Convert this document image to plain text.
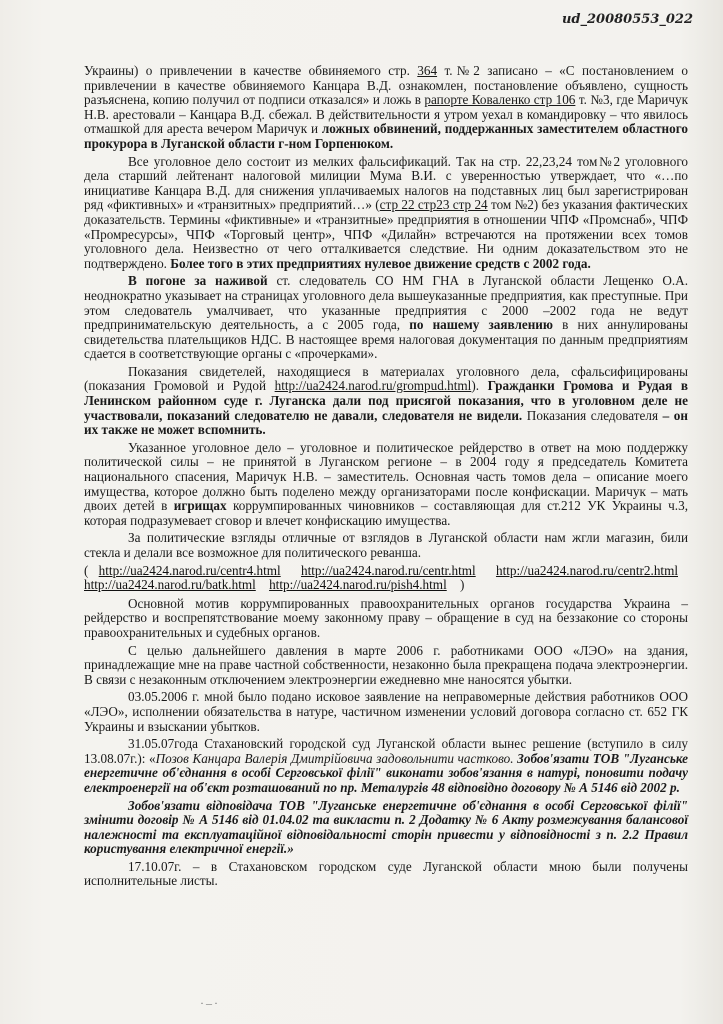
ud_20080553_022

Украины) о привлечении в качестве обвиняемого стр. 364 т.№2 записано – «С постановлением о привлечении в качестве обвиняемого Канцара В.Д. ознакомлен, постановление объявлено, сущность разъяснена, копию получил от подписи отказался» и ложь в рапорте Коваленко стр 106 т. №3, где Маричук Н.В. арестовали – Канцара В.Д. сбежал. В действительности я утром уехал в командировку – что явилось отмашкой для ареста вечером Маричук и ложных обвинений, поддержанных заместителем областного прокурора в Луганской области г-ном Горпенюком.

Все уголовное дело состоит из мелких фальсификаций. Так на стр. 22,23,24 том№2 уголовного дела старший лейтенант налоговой милиции Мума В.И. с уверенностью утверждает, что «…по инициативе Канцара В.Д. для снижения уплачиваемых налогов на подставных лиц был зарегистрирован ряд «фиктивных» и «транзитных» предприятий…» (стр 22 стр23 стр 24 том №2) без указания фактических доказательств. Термины «фиктивные» и «транзитные» предприятия в отношении ЧПФ «Промснаб», ЧПФ «Промресурсы», ЧПФ «Торговый центр», ЧПФ «Дилайн» встречаются на протяжении всех томов уголовного дела. Неизвестно от чего отталкивается следствие. Ни одним доказательством это не подтверждено. Более того в этих предприятиях нулевое движение средств с 2002 года.

В погоне за наживой ст. следователь СО НМ ГНА в Луганской области Лещенко О.А. неоднократно указывает на страницах уголовного дела вышеуказанные предприятия, как преступные. При этом следователь умалчивает, что указанные предприятия с 2000 –2002 года не ведут предпринимательскую деятельность, а с 2005 года, по нашему заявлению в них аннулированы свидетельства плательщиков НДС. В настоящее время налоговая документация по данным предприятиям сдается в соответствующие органы с «прочерками».

Показания свидетелей, находящиеся в материалах уголовного дела, сфальсифицированы (показания Громовой и Рудой http://ua2424.narod.ru/grompud.html). Гражданки Громова и Рудая в Ленинском районном суде г. Луганска дали под присягой показания, что в уголовном деле не участвовали, показаний следователю не давали, следователя не видели. Показания следователя – он их также не может вспомнить.

Указанное уголовное дело – уголовное и политическое рейдерство в ответ на мою поддержку политической силы – не принятой в Луганском регионе – в 2004 году я председатель Комитета национального спасения, Маричук Н.В. – заместитель. Основная часть томов дела – описание моего имущества, которое должно быть поделено между организаторами после конфискации. Маричук – мать двоих детей в игрищах коррумпированных чиновников – составляющая для ст.212 УК Украины ч.3, которая подразумевает сговор и влечет конфискацию имущества.

За политические взгляды отличные от взглядов в Луганской области нам жгли магазин, били стекла и делали все возможное для политического реванша.

( http://ua2424.narod.ru/centr4.html http://ua2424.narod.ru/centr.html http://ua2424.narod.ru/centr2.html http://ua2424.narod.ru/batk.html http://ua2424.narod.ru/pish4.html )

Основной мотив коррумпированных правоохранительных органов государства Украина – рейдерство и воспрепятствование моему законному праву – обращение в суд на беззаконие со стороны правоохранительных и судебных органов.

С целью дальнейшего давления в марте 2006 г. работниками ООО «ЛЭО» на здания, принадлежащие мне на праве частной собственности, незаконно была прекращена подача электроэнергии. В связи с незаконным отключением электроэнергии ежедневно мне наносятся убытки.

03.05.2006 г. мной было подано исковое заявление на неправомерные действия работников ООО «ЛЭО», исполнении обязательства в натуре, частичном изменении условий договора согласно ст. 652 ГК Украины и взыскании убытков.

31.05.07года Стахановский городской суд Луганской области вынес решение (вступило в силу 13.08.07г.): «Позов Канцара Валерія Дмитрійовича задовольнити частково. Зобов'язати ТОВ "Луганське енергетичне об'єднання в особі Серговської філії" виконати зобов'язання в натурі, поновити подачу електроенергії на об'єкт розташований по пр. Металургів 48 відповідно договору № А 5146 від 2002 р.

Зобов'язати відповідача ТОВ "Луганське енергетичне об'єднання в особі Серговської філії" змінити договір № А 5146 від 01.04.02 та викласти п. 2 Додатку № 6 Акту розмежування балансової належності та експлуатаційної відповідальності сторін привести у відповідності з п. 2.2 Правил користування електричної енергії.»

17.10.07г. – в Стахановском городском суде Луганской области мною были получены исполнительные листы.

·–·
